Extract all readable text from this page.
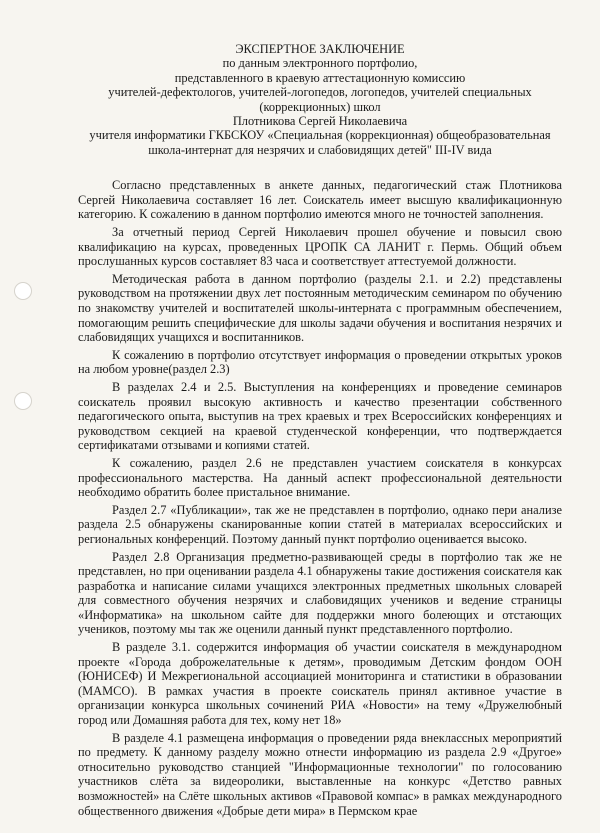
ЭКСПЕРТНОЕ ЗАКЛЮЧЕНИЕ
по данным электронного портфолио,
представленного в краевую аттестационную комиссию
учителей-дефектологов, учителей-логопедов, логопедов, учителей специальных
(коррекционных) школ
Плотникова Сергей Николаевича
учителя информатики ГКБСКОУ «Специальная (коррекционная) общеобразовательная
школа-интернат для незрячих и слабовидящих детей" III-IV вида

Согласно представленных в анкете данных, педагогический стаж Плотникова Сергей Николаевича составляет 16 лет. Соискатель имеет высшую квалификационную категорию. К сожалению в данном портфолио имеются много не точностей заполнения.

За отчетный период Сергей Николаевич прошел обучение и повысил свою квалификацию на курсах, проведенных ЦРОПК СА ЛАНИТ г. Пермь. Общий объем прослушанных курсов составляет 83 часа и соответствует аттестуемой должности.

Методическая работа в данном портфолио (разделы 2.1. и 2.2) представлены руководством на протяжении двух лет постоянным методическим семинаром по обучению по знакомству учителей и воспитателей школы-интерната с программным обеспечением, помогающим решить специфические для школы задачи обучения и воспитания незрячих и слабовидящих учащихся и воспитанников.

К сожалению в портфолио отсутствует информация о проведении открытых уроков на любом уровне(раздел 2.3)

В разделах 2.4 и 2.5. Выступления на конференциях и проведение семинаров соискатель проявил высокую активность и качество презентации собственного педагогического опыта, выступив на трех краевых и трех Всероссийских конференциях и руководством секцией на краевой студенческой конференции, что подтверждается сертификатами отзывами и копиями статей.

К сожалению, раздел 2.6 не представлен участием соискателя в конкурсах профессионального мастерства. На данный аспект профессиональной деятельности необходимо обратить более пристальное внимание.

Раздел 2.7 «Публикации», так же не представлен в портфолио, однако пери анализе раздела 2.5 обнаружены сканированные копии статей в материалах всероссийских и региональных конференций. Поэтому данный пункт портфолио оценивается высоко.

Раздел 2.8 Организация предметно-развивающей среды в портфолио так же не представлен, но при оценивании раздела 4.1 обнаружены такие достижения соискателя как разработка и написание силами учащихся электронных предметных школьных словарей для совместного обучения незрячих и слабовидящих учеников и ведение страницы «Информатика» на школьном сайте для поддержки много болеющих и отстающих учеников, поэтому мы так же оценили данный пункт представленного портфолио.

В разделе 3.1. содержится информация об участии соискателя в международном проекте «Города доброжелательные к детям», проводимым Детским фондом ООН (ЮНИСЕФ) И Межрегиональной ассоциацией мониторинга и статистики в образовании (МАМСО). В рамках участия в проекте соискатель принял активное участие в организации конкурса школьных сочинений РИА «Новости» на тему «Дружелюбный город или Домашняя работа для тех, кому нет 18»

В разделе 4.1 размещена информация о проведении ряда внеклассных мероприятий по предмету. К данному разделу можно отнести информацию из раздела 2.9 «Другое» относительно руководство станцией "Информационные технологии" по голосованию участников слёта за видеоролики, выставленные на конкурс «Детство равных возможностей» на Слёте школьных активов «Правовой компас» в рамках международного общественного движения «Добрые дети мира» в Пермском крае
